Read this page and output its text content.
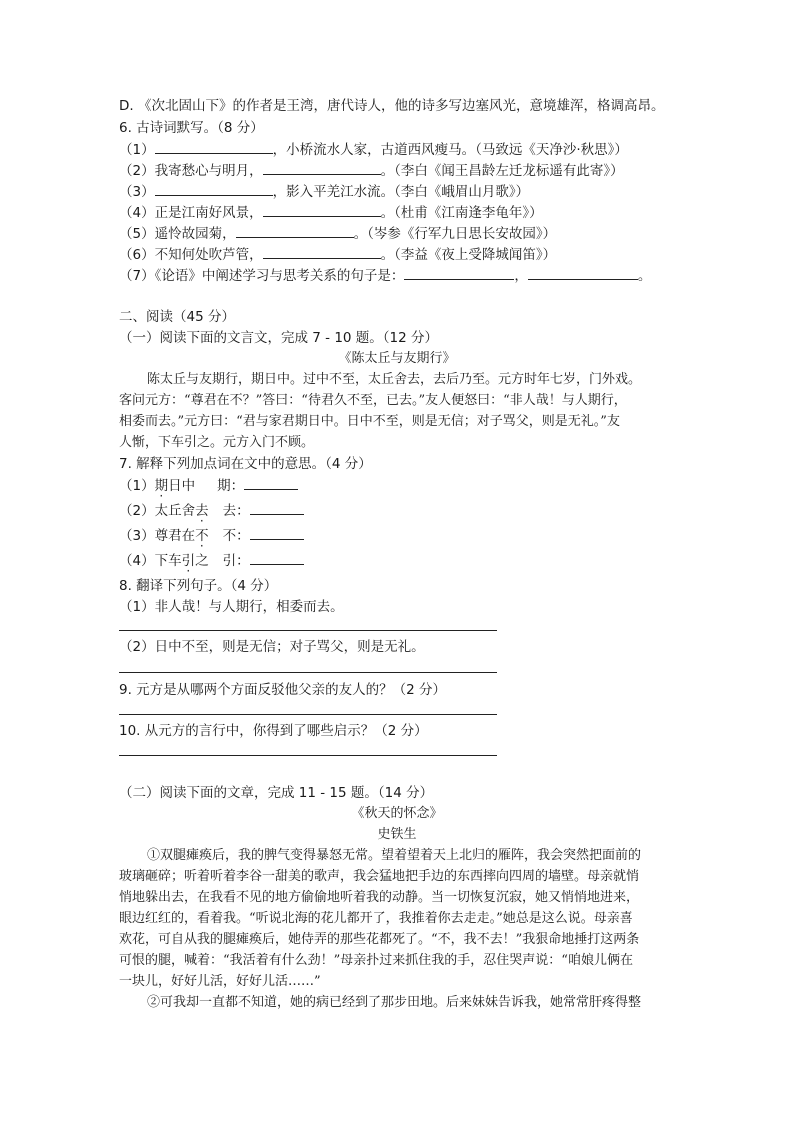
D. 《次北固山下》的作者是王湾，唐代诗人，他的诗多写边塞风光，意境雄浑，格调高昂。
6. 古诗词默写。（8 分）
（1）	，小桥流水人家，古道西风瘦马。（马致远《天净沙·秋思》）
（2）我寄愁心与明月，	。（李白《闻王昌龄左迁龙标遥有此寄》）
（3）	，影入平羌江水流。（李白《峨眉山月歌》）
（4）正是江南好风景，	。（杜甫《江南逢李龟年》）
（5）遥怜故园菊，	。（岑参《行军九日思长安故园》）
（6）不知何处吹芦管，	。（李益《夜上受降城闻笛》）
（7）《论语》中阐述学习与思考关系的句子是：	，	。
二、阅读（45 分）
（一）阅读下面的文言文，完成 7 - 10 题。（12 分）
《陈太丘与友期行》
陈太丘与友期行，期日中。过中不至，太丘舍去，去后乃至。元方时年七岁，门外戏。
客问元方：“尊君在不？”答曰：“待君久不至，已去。”友人便怒曰：“非人哉！与人期行，
相委而去。”元方曰：“君与家君期日中。日中不至，则是无信；对子骂父，则是无礼。”友
人惭，下车引之。元方入门不顾。
7. 解释下列加点词在文中的意思。（4 分）
（1）期日中 期：
（2）太丘舍去 去：
（3）尊君在不 不：
（4）下车引之 引：
8. 翻译下列句子。（4 分）
（1）非人哉！与人期行，相委而去。
（2）日中不至，则是无信；对子骂父，则是无礼。
9. 元方是从哪两个方面反驳他父亲的友人的？（2 分）
10. 从元方的言行中，你得到了哪些启示？（2 分）
（二）阅读下面的文章，完成 11 - 15 题。（14 分）
《秋天的怀念》
史铁生
①双腿瘫痪后，我的脾气变得暴怒无常。望着望着天上北归的雁阵，我会突然把面前的
玻璃砸碎；听着听着李谷一甜美的歌声，我会猛地把手边的东西摔向四周的墙壁。母亲就悄
悄地躲出去，在我看不见的地方偷偷地听着我的动静。当一切恢复沉寂，她又悄悄地进来，
眼边红红的，看着我。“听说北海的花儿都开了，我推着你去走走。”她总是这么说。母亲喜
欢花，可自从我的腿瘫痪后，她侍弄的那些花都死了。“不，我不去！”我狠命地捶打这两条
可恨的腿，喊着：“我活着有什么劲！”母亲扑过来抓住我的手，忍住哭声说：“咱娘儿俩在
一块儿，好好儿活，好好儿活……”
②可我却一直都不知道，她的病已经到了那步田地。后来妹妹告诉我，她常常肝疼得整
